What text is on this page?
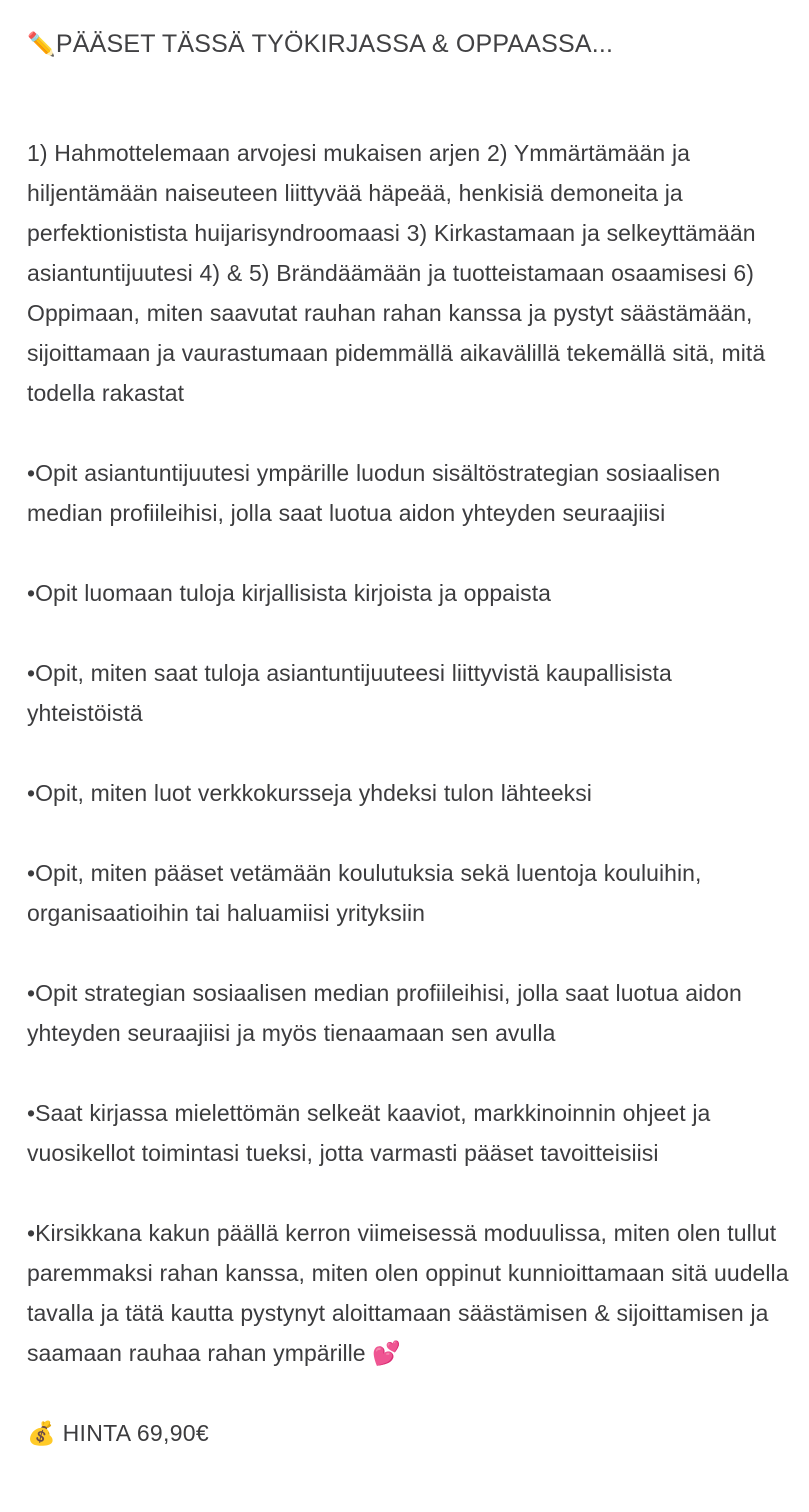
✏️PÄÄSET TÄSSÄ TYÖKIRJASSA & OPPAASSA...

1) Hahmottelemaan arvojesi mukaisen arjen 2) Ymmärtämään ja hiljentämään naiseuteen liittyvää häpeää, henkisiä demoneita ja perfektionistista huijarisyndroomaasi 3) Kirkastamaan ja selkeyttämään asiantuntijuutesi 4) & 5) Brändäämään ja tuotteistamaan osaamisesi 6) Oppimaan, miten saavutat rauhan rahan kanssa ja pystyt säästämään, sijoittamaan ja vaurastumaan pidemmällä aikavälillä tekemällä sitä, mitä todella rakastat

•Opit asiantuntijuutesi ympärille luodun sisältöstrategian sosiaalisen median profiileihisi, jolla saat luotua aidon yhteyden seuraajiisi

•Opit luomaan tuloja kirjallisista kirjoista ja oppaista

•Opit, miten saat tuloja asiantuntijuuteesi liittyvistä kaupallisista yhteistöistä

•Opit, miten luot verkkokursseja yhdeksi tulon lähteeksi

•Opit, miten pääset vetämään koulutuksia sekä luentoja kouluihin, organisaatioihin tai haluamiisi yrityksiin

•Opit strategian sosiaalisen median profiileihisi, jolla saat luotua aidon yhteyden seuraajiisi ja myös tienaamaan sen avulla

•Saat kirjassa mielettömän selkeät kaaviot, markkinoinnin ohjeet ja vuosikellot toimintasi tueksi, jotta varmasti pääset tavoitteisiisi

•Kirsikkana kakun päällä kerron viimeisessä moduulissa, miten olen tullut paremmaksi rahan kanssa, miten olen oppinut kunnioittamaan sitä uudella tavalla ja tätä kautta pystynyt aloittamaan säästämisen & sijoittamisen ja saamaan rauhaa rahan ympärille 💕

💰 HINTA 69,90€
